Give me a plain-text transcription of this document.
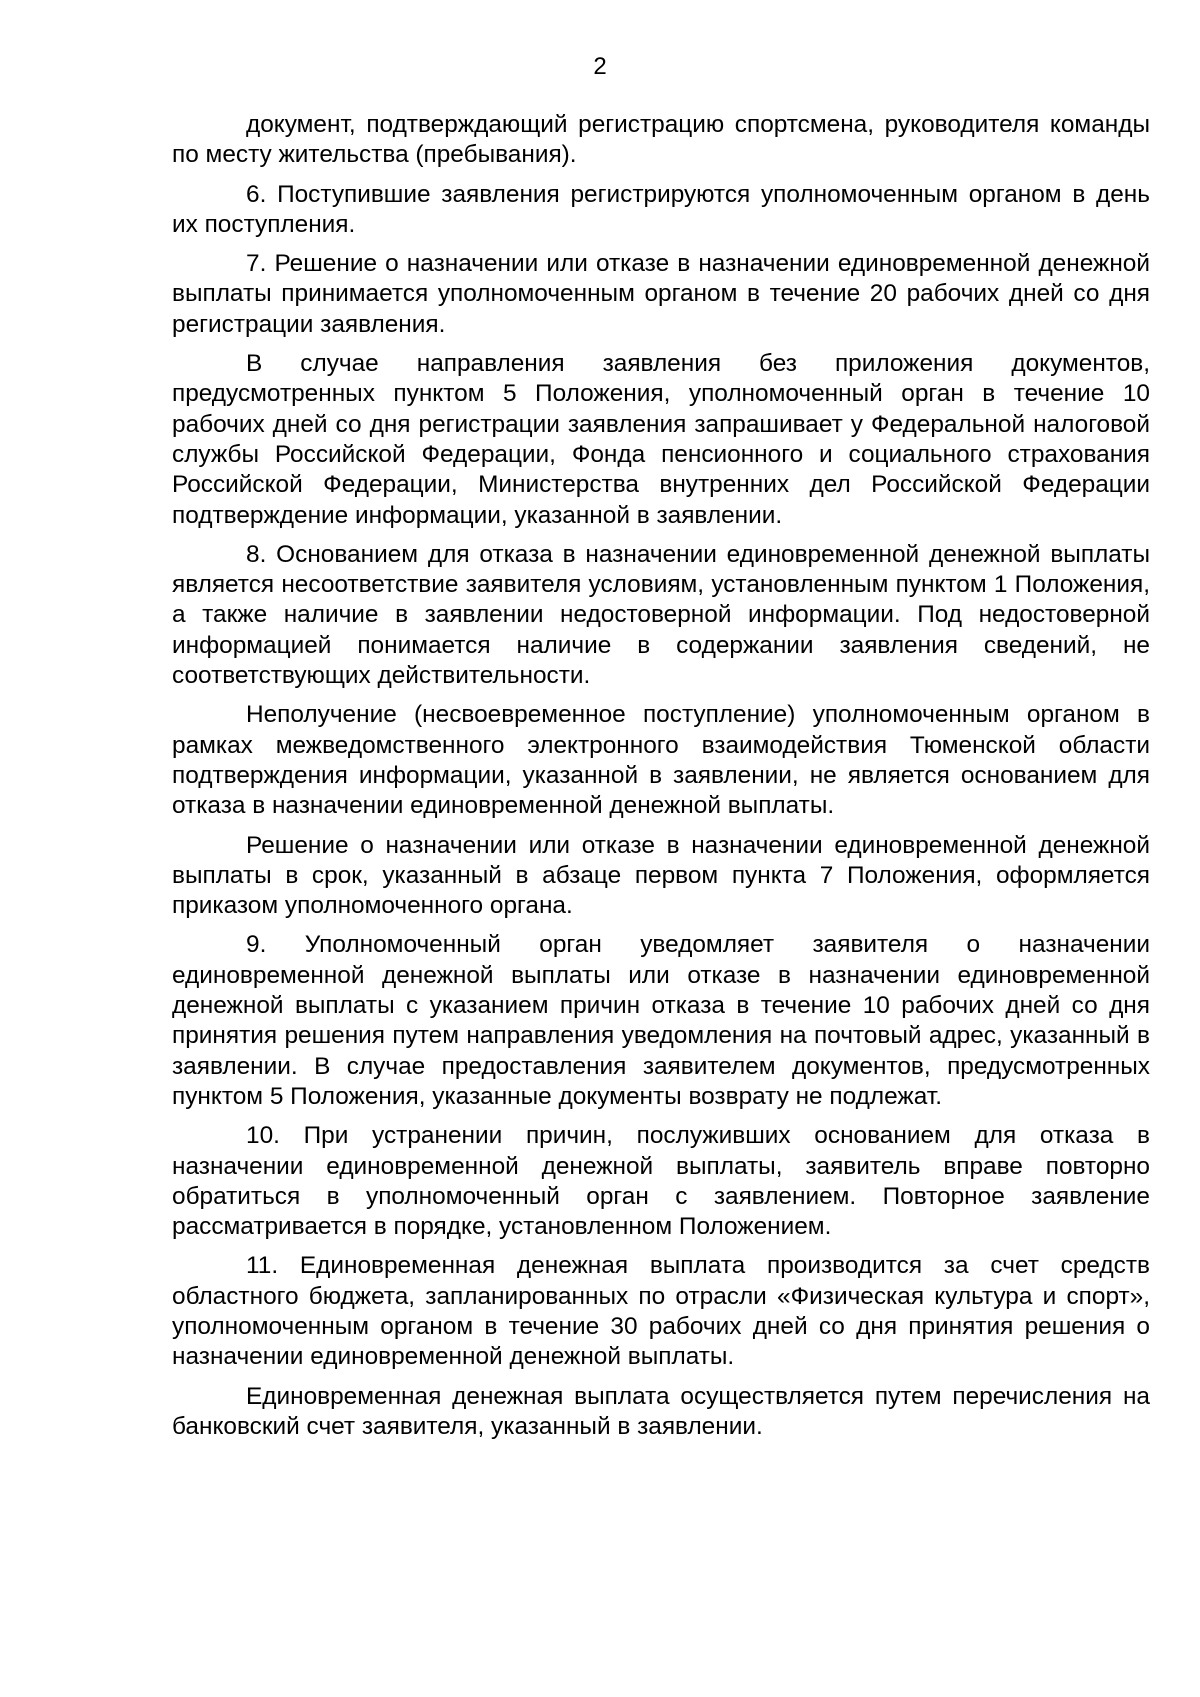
2

документ, подтверждающий регистрацию спортсмена, руководителя команды по месту жительства (пребывания).

6. Поступившие заявления регистрируются уполномоченным органом в день их поступления.

7. Решение о назначении или отказе в назначении единовременной денежной выплаты принимается уполномоченным органом в течение 20 рабочих дней со дня регистрации заявления.

В случае направления заявления без приложения документов, предусмотренных пунктом 5 Положения, уполномоченный орган в течение 10 рабочих дней со дня регистрации заявления запрашивает у Федеральной налоговой службы Российской Федерации, Фонда пенсионного и социального страхования Российской Федерации, Министерства внутренних дел Российской Федерации подтверждение информации, указанной в заявлении.

8. Основанием для отказа в назначении единовременной денежной выплаты является несоответствие заявителя условиям, установленным пунктом 1 Положения, а также наличие в заявлении недостоверной информации. Под недостоверной информацией понимается наличие в содержании заявления сведений, не соответствующих действительности.

Неполучение (несвоевременное поступление) уполномоченным органом в рамках межведомственного электронного взаимодействия Тюменской области подтверждения информации, указанной в заявлении, не является основанием для отказа в назначении единовременной денежной выплаты.

Решение о назначении или отказе в назначении единовременной денежной выплаты в срок, указанный в абзаце первом пункта 7 Положения, оформляется приказом уполномоченного органа.

9. Уполномоченный орган уведомляет заявителя о назначении единовременной денежной выплаты или отказе в назначении единовременной денежной выплаты с указанием причин отказа в течение 10 рабочих дней со дня принятия решения путем направления уведомления на почтовый адрес, указанный в заявлении. В случае предоставления заявителем документов, предусмотренных пунктом 5 Положения, указанные документы возврату не подлежат.

10. При устранении причин, послуживших основанием для отказа в назначении единовременной денежной выплаты, заявитель вправе повторно обратиться в уполномоченный орган с заявлением. Повторное заявление рассматривается в порядке, установленном Положением.

11. Единовременная денежная выплата производится за счет средств областного бюджета, запланированных по отрасли «Физическая культура и спорт», уполномоченным органом в течение 30 рабочих дней со дня принятия решения о назначении единовременной денежной выплаты.

Единовременная денежная выплата осуществляется путем перечисления на банковский счет заявителя, указанный в заявлении.
